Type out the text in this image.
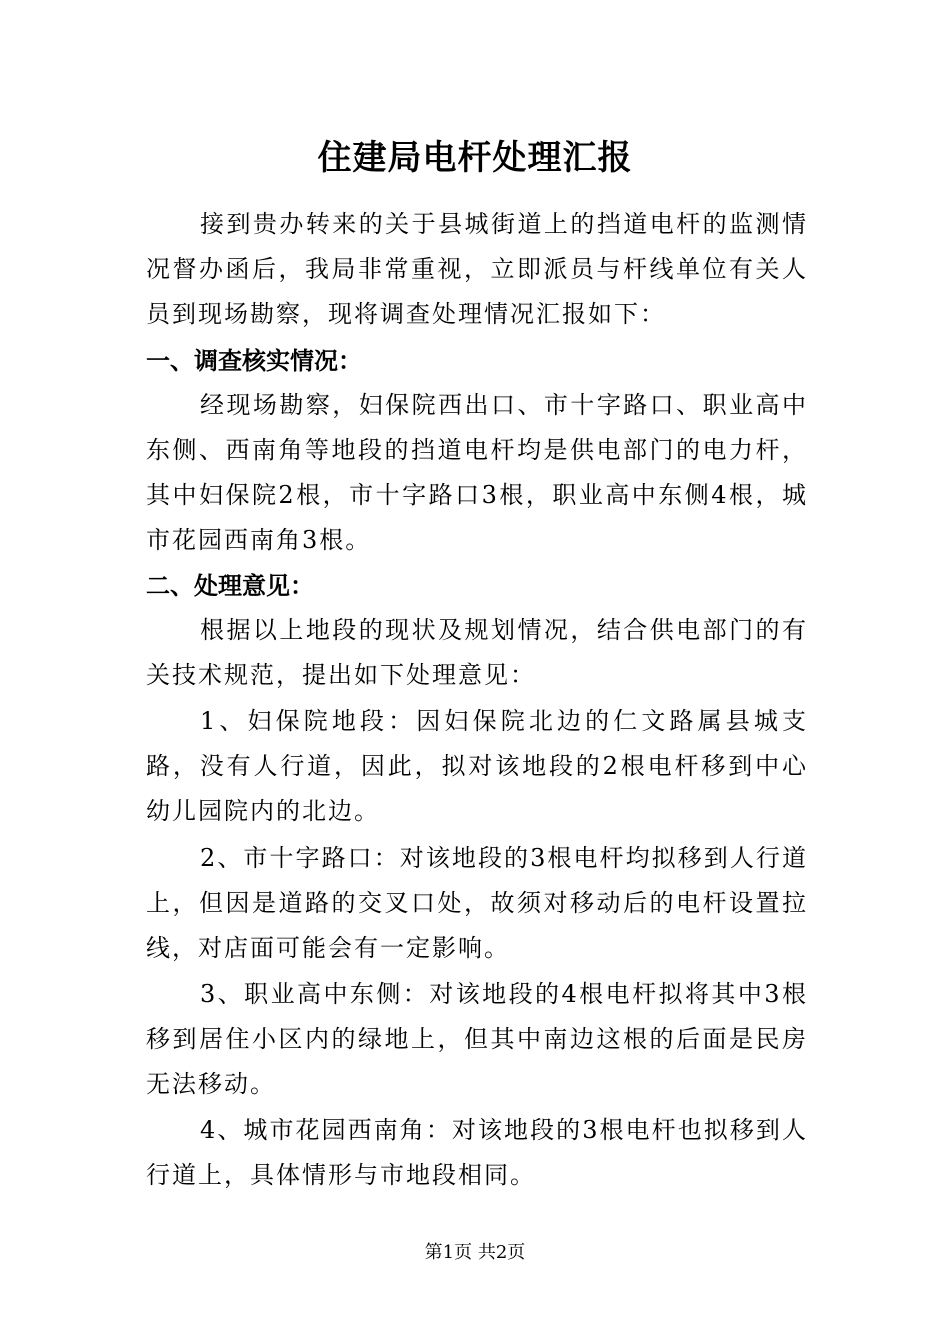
住建局电杆处理汇报
接到贵办转来的关于县城街道上的挡道电杆的监测情况督办函后，我局非常重视，立即派员与杆线单位有关人员到现场勘察，现将调查处理情况汇报如下：
一、调查核实情况：
经现场勘察，妇保院西出口、市十字路口、职业高中东侧、西南角等地段的挡道电杆均是供电部门的电力杆，其中妇保院2根，市十字路口3根，职业高中东侧4根，城市花园西南角3根。
二、处理意见：
根据以上地段的现状及规划情况，结合供电部门的有关技术规范，提出如下处理意见：
1、妇保院地段：因妇保院北边的仁文路属县城支路，没有人行道，因此，拟对该地段的2根电杆移到中心幼儿园院内的北边。
2、市十字路口：对该地段的3根电杆均拟移到人行道上，但因是道路的交叉口处，故须对移动后的电杆设置拉线，对店面可能会有一定影响。
3、职业高中东侧：对该地段的4根电杆拟将其中3根移到居住小区内的绿地上，但其中南边这根的后面是民房无法移动。
4、城市花园西南角：对该地段的3根电杆也拟移到人行道上，具体情形与市地段相同。
第1页 共2页
